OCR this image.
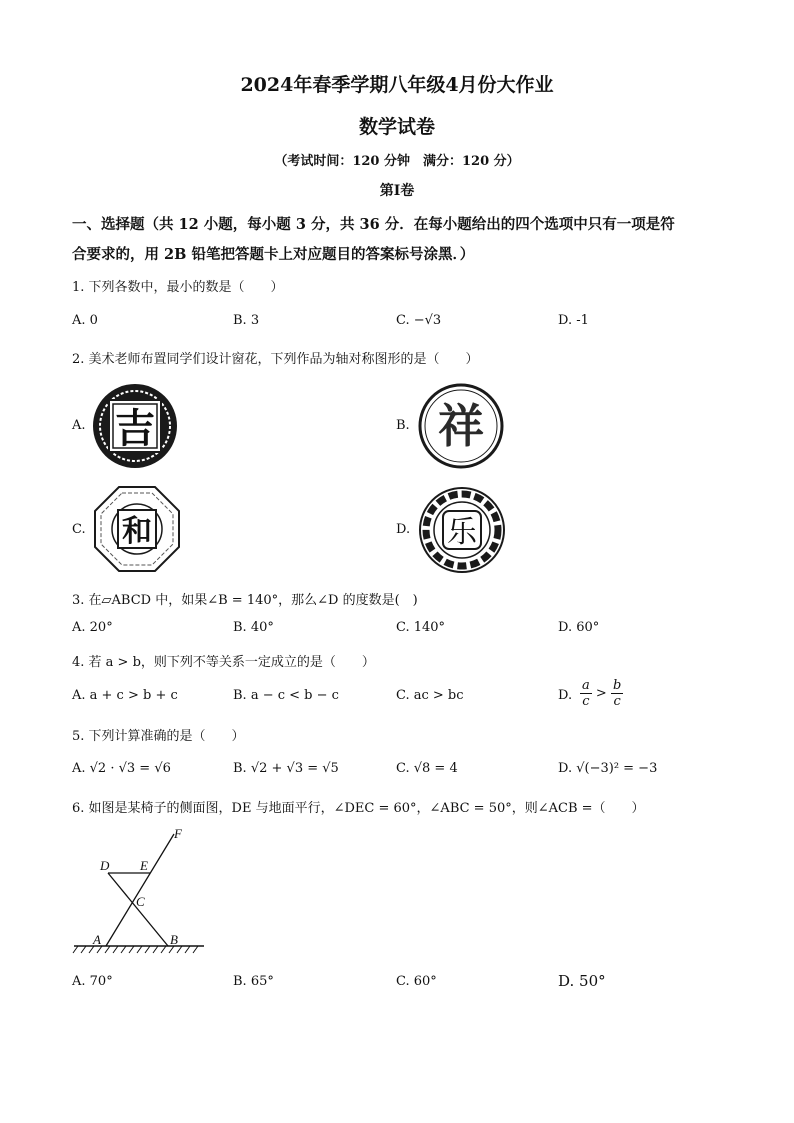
2024年春季学期八年级4月份大作业
数学试卷
（考试时间：120 分钟　满分：120 分）
第Ⅰ卷
一、选择题（共 12 小题，每小题 3 分，共 36 分．在每小题给出的四个选项中只有一项是符
合要求的，用 2B 铅笔把答题卡上对应题目的答案标号涂黑．）
1. 下列各数中，最小的数是（　　）
A. 0	B. 3	C. −√3	D. -1
2. 美术老师布置同学们设计窗花，下列作品为轴对称图形的是（　　）
A.	B.
C.	D.
吉	祥
和	乐
3. 在▱ABCD 中，如果∠B = 140°，那么∠D 的度数是(　)
A. 20°	B. 40°	C. 140°	D. 60°
4. 若 a > b，则下列不等关系一定成立的是（　　）
A. a + c > b + c	B. a − c < b − c	C. ac > bc	D. $\frac{a}{c} > \frac{b}{c}$
5. 下列计算准确的是（　　）
A. √2 · √3 = √6	B. √2 + √3 = √5	C. √8 = 4	D. √(−3)² = −3
6. 如图是某椅子的侧面图，DE 与地面平行，∠DEC = 60°，∠ABC = 50°，则∠ACB =（　　）
F
D E
C
A	B
A. 70°	B. 65°	C. 60°	D. 50°
